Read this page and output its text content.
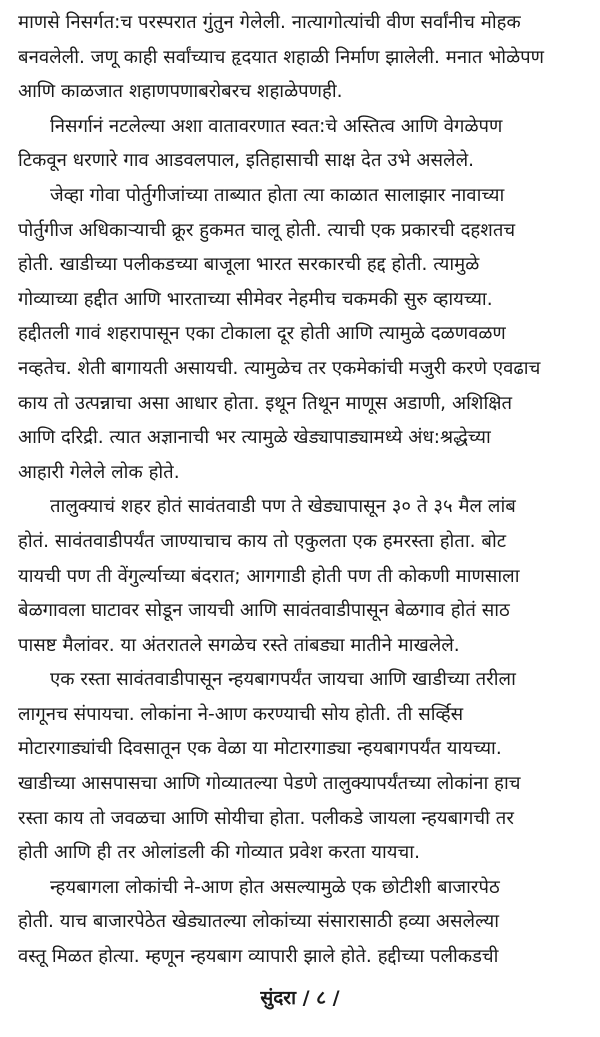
माणसे निसर्गत:च परस्परात गुंतुन गेलेली. नात्यागोत्यांची वीण सर्वांनीच मोहक
बनवलेली. जणू काही सर्वांच्याच हृदयात शहाळी निर्माण झालेली. मनात भोळेपण
आणि काळजात शहाणपणाबरोबरच शहाळेपणही.
निसर्गानं नटलेल्या अशा वातावरणात स्वत:चे अस्तित्व आणि वेगळेपण
टिकवून धरणारे गाव आडवलपाल, इतिहासाची साक्ष देत उभे असलेले.
जेव्हा गोवा पोर्तुगीजांच्या ताब्यात होता त्या काळात सालाझार नावाच्या
पोर्तुगीज अधिकाऱ्याची क्रूर हुकमत चालू होती. त्याची एक प्रकारची दहशतच
होती. खाडीच्या पलीकडच्या बाजूला भारत सरकारची हद्द होती. त्यामुळे
गोव्याच्या हद्दीत आणि भारताच्या सीमेवर नेहमीच चकमकी सुरु व्हायच्या.
हद्दीतली गावं शहरापासून एका टोकाला दूर होती आणि त्यामुळे दळणवळण
नव्हतेच. शेती बागायती असायची. त्यामुळेच तर एकमेकांची मजुरी करणे एवढाच
काय तो उत्पन्नाचा असा आधार होता. इथून तिथून माणूस अडाणी, अशिक्षित
आणि दरिद्री. त्यात अज्ञानाची भर त्यामुळे खेड्यापाड्यामध्ये अंध:श्रद्धेच्या
आहारी गेलेले लोक होते.
तालुक्याचं शहर होतं सावंतवाडी पण ते खेड्यापासून ३० ते ३५ मैल लांब
होतं. सावंतवाडीपर्यंत जाण्याचाच काय तो एकुलता एक हमरस्ता होता. बोट
यायची पण ती वेंगुर्ल्याच्या बंदरात; आगगाडी होती पण ती कोकणी माणसाला
बेळगावला घाटावर सोडून जायची आणि सावंतवाडीपासून बेळगाव होतं साठ
पासष्ट मैलांवर. या अंतरातले सगळेच रस्ते तांबड्या मातीने माखलेले.
एक रस्ता सावंतवाडीपासून न्हयबागपर्यंत जायचा आणि खाडीच्या तरीला
लागूनच संपायचा. लोकांना ने-आण करण्याची सोय होती. ती सर्व्हिस
मोटारगाड्यांची दिवसातून एक वेळा या मोटारगाड्या न्हयबागपर्यंत यायच्या.
खाडीच्या आसपासचा आणि गोव्यातल्या पेडणे तालुक्यापर्यंतच्या लोकांना हाच
रस्ता काय तो जवळचा आणि सोयीचा होता. पलीकडे जायला न्हयबागची तर
होती आणि ही तर ओलांडली की गोव्यात प्रवेश करता यायचा.
न्हयबागला लोकांची ने-आण होत असल्यामुळे एक छोटीशी बाजारपेठ
होती. याच बाजारपेठेत खेड्यातल्या लोकांच्या संसारासाठी हव्या असलेल्या
वस्तू मिळत होत्या. म्हणून न्हयबाग व्यापारी झाले होते. हद्दीच्या पलीकडची
सुंदरा / ८ /
